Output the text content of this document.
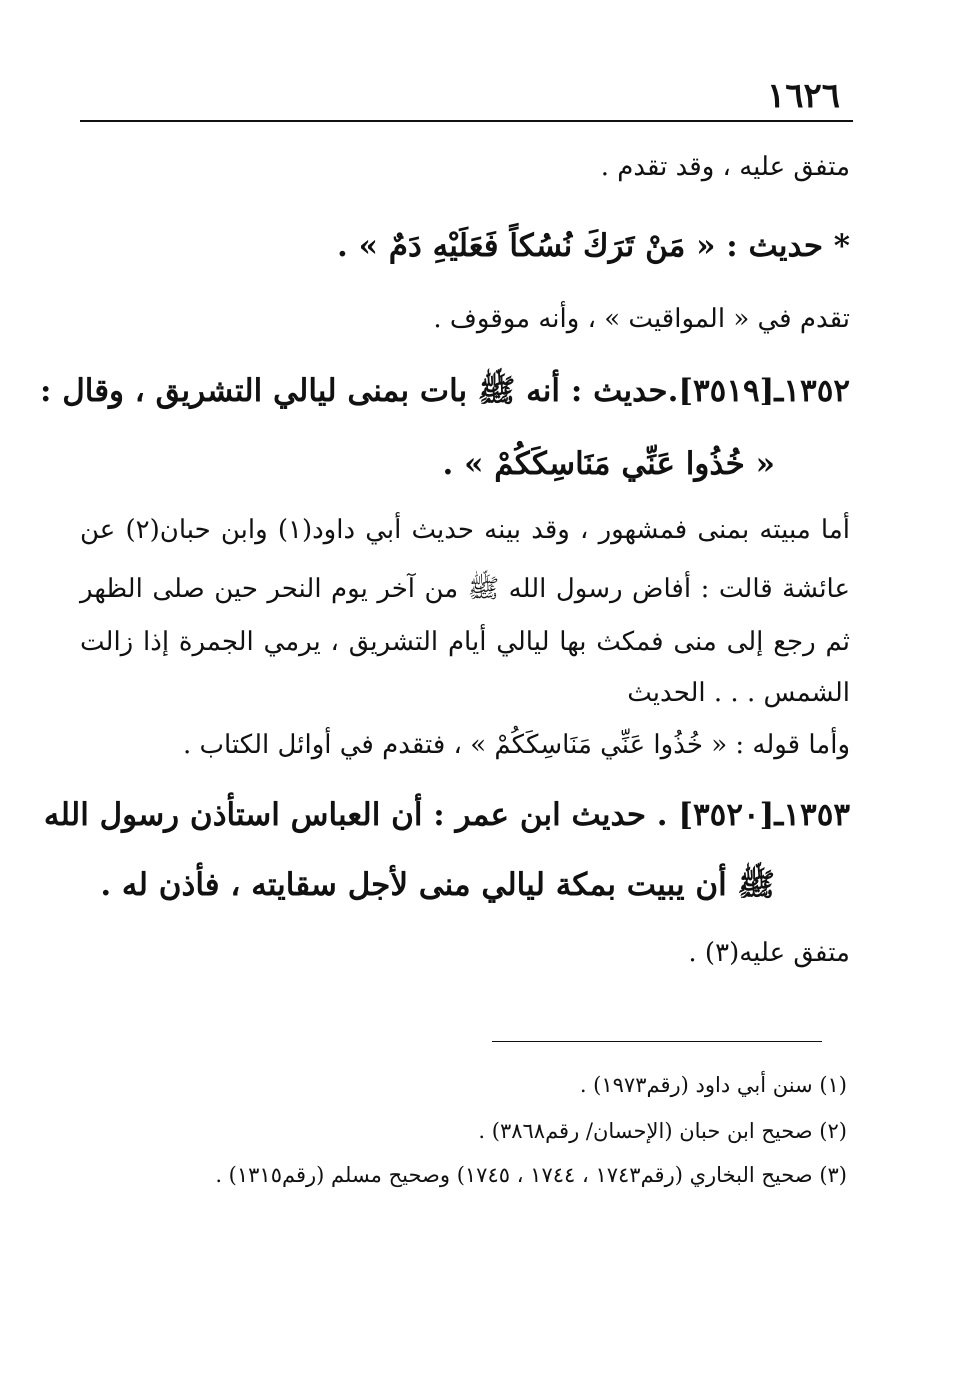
١٦٢٦
متفق عليه ، وقد تقدم .
* حديث : « مَنْ تَرَكَ نُسُكاً فَعَلَيْهِ دَمٌ » .
تقدم في « المواقيت » ، وأنه موقوف .
١٣٥٢ـ[٣٥١٩].حديث : أنه ﷺ بات بمنى ليالي التشريق ، وقال :
« خُذُوا عَنِّي مَنَاسِكَكُمْ » .
أما مبيته بمنى فمشهور ، وقد بينه حديث أبي داود(١) وابن حبان(٢) عن
عائشة قالت : أفاض رسول الله ﷺ من آخر يوم النحر حين صلى الظهر
ثم رجع إلى منى فمكث بها ليالي أيام التشريق ، يرمي الجمرة إذا زالت
الشمس . . . الحديث
وأما قوله : « خُذُوا عَنِّي مَنَاسِكَكُمْ » ، فتقدم في أوائل الكتاب .
١٣٥٣ـ[٣٥٢٠] . حديث ابن عمر : أن العباس استأذن رسول الله
ﷺ أن يبيت بمكة ليالي منى لأجل سقايته ، فأذن له .
متفق عليه(٣) .
(١) سنن أبي داود (رقم١٩٧٣) .
(٢) صحيح ابن حبان (الإحسان/ رقم٣٨٦٨) .
(٣) صحيح البخاري (رقم١٧٤٣ ، ١٧٤٤ ، ١٧٤٥) وصحيح مسلم (رقم١٣١٥) .
